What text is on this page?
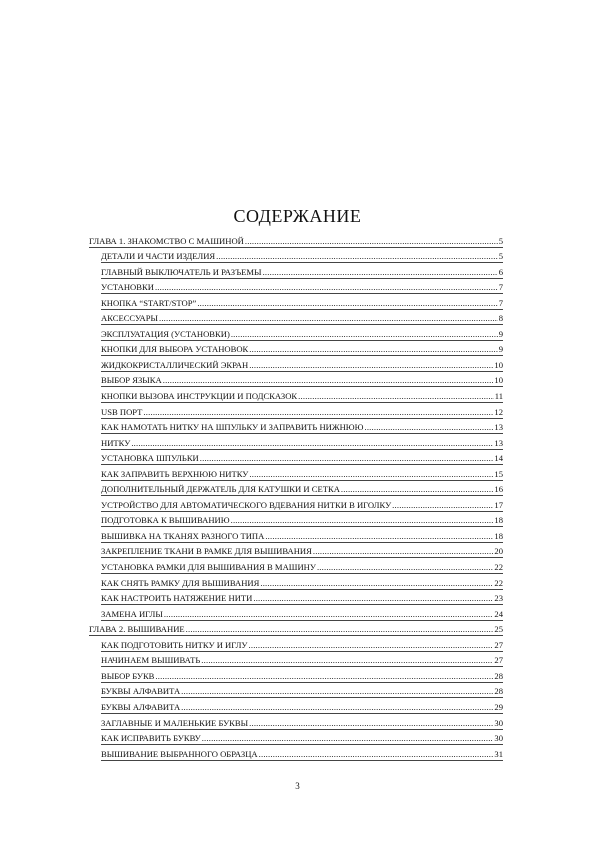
СОДЕРЖАНИЕ
ГЛАВА 1. ЗНАКОМСТВО С МАШИНОЙ .....	5
ДЕТАЛИ И ЧАСТИ ИЗДЕЛИЯ .....	5
ГЛАВНЫЙ ВЫКЛЮЧАТЕЛЬ И РАЗЪЕМЫ .....	6
УСТАНОВКИ .....	7
КНОПКА “START/STOP” .....	7
АКСЕССУАРЫ .....	8
ЭКСПЛУАТАЦИЯ (УСТАНОВКИ) .....	9
КНОПКИ ДЛЯ ВЫБОРА УСТАНОВОК .....	9
ЖИДКОКРИСТАЛЛИЧЕСКИЙ ЭКРАН .....	10
ВЫБОР ЯЗЫКА .....	10
КНОПКИ ВЫЗОВА ИНСТРУКЦИИ И ПОДСКАЗОК .....	11
USB ПОРТ .....	12
КАК НАМОТАТЬ НИТКУ НА ШПУЛЬКУ И ЗАПРАВИТЬ НИЖНЮЮ .....	13
НИТКУ .....	13
УСТАНОВКА ШПУЛЬКИ .....	14
КАК ЗАПРАВИТЬ ВЕРХНЮЮ НИТКУ .....	15
ДОПОЛНИТЕЛЬНЫЙ ДЕРЖАТЕЛЬ ДЛЯ КАТУШКИ И СЕТКА .....	16
УСТРОЙСТВО ДЛЯ АВТОМАТИЧЕСКОГО ВДЕВАНИЯ НИТКИ В ИГОЛКУ .....	17
ПОДГОТОВКА К ВЫШИВАНИЮ .....	18
ВЫШИВКА НА ТКАНЯХ РАЗНОГО ТИПА .....	18
ЗАКРЕПЛЕНИЕ ТКАНИ В РАМКЕ ДЛЯ ВЫШИВАНИЯ .....	20
УСТАНОВКА РАМКИ ДЛЯ ВЫШИВАНИЯ В МАШИНУ .....	22
КАК СНЯТЬ РАМКУ ДЛЯ ВЫШИВАНИЯ .....	22
КАК НАСТРОИТЬ НАТЯЖЕНИЕ НИТИ .....	23
ЗАМЕНА ИГЛЫ .....	24
ГЛАВА 2. ВЫШИВАНИЕ .....	25
КАК ПОДГОТОВИТЬ НИТКУ И ИГЛУ .....	27
НАЧИНАЕМ ВЫШИВАТЬ .....	27
ВЫБОР БУКВ .....	28
БУКВЫ АЛФАВИТА .....	28
БУКВЫ АЛФАВИТА .....	29
ЗАГЛАВНЫЕ И МАЛЕНЬКИЕ БУКВЫ .....	30
КАК ИСПРАВИТЬ БУКВУ .....	30
ВЫШИВАНИЕ ВЫБРАННОГО ОБРАЗЦА .....	31
3
